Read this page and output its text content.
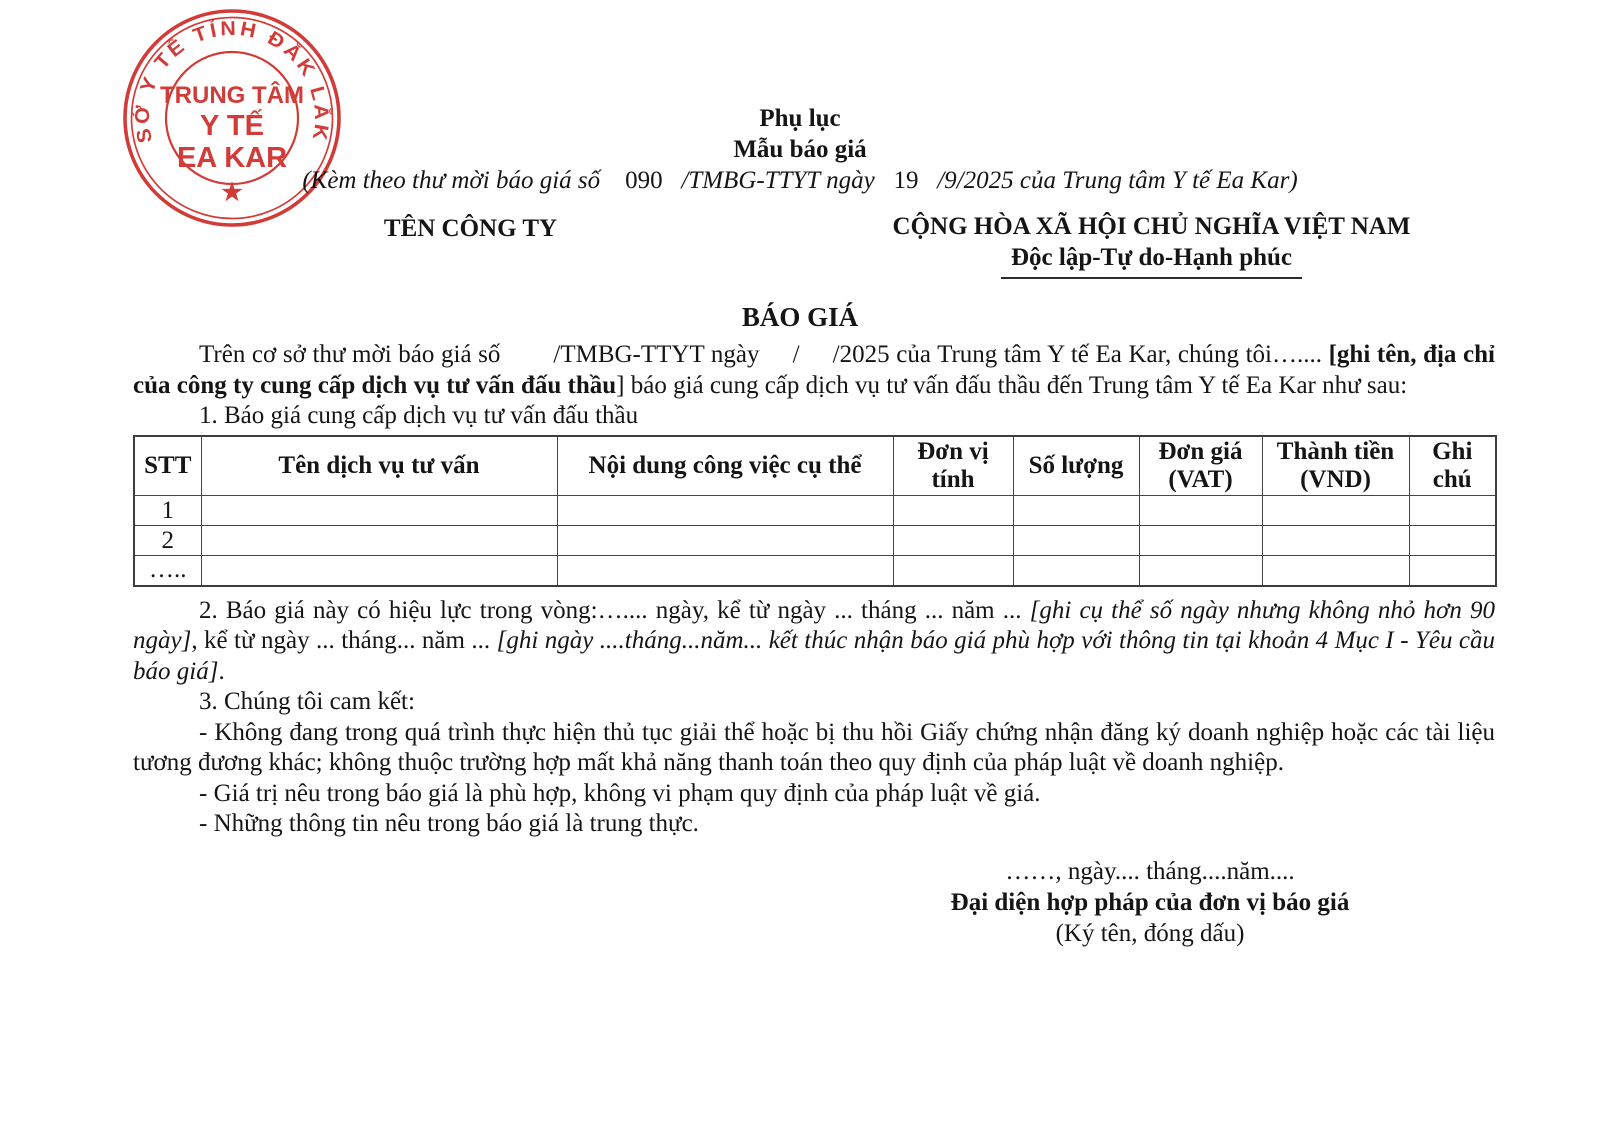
SỞ Y TẾ TỈNH ĐẮK LẮK
TRUNG TÂM
Y TẾ
EA KAR
★
Phụ lục
Mẫu báo giá
(Kèm theo thư mời báo giá số    090   /TMBG-TTYT ngày   19   /9/2025 của Trung tâm Y tế Ea Kar)
TÊN CÔNG TY	CỘNG HÒA XÃ HỘI CHỦ NGHĨA VIỆT NAM
Độc lập-Tự do-Hạnh phúc
BÁO GIÁ

Trên cơ sở thư mời báo giá số        /TMBG-TTYT ngày     /     /2025 của Trung tâm Y tế Ea Kar, chúng tôi….... [ghi tên, địa chỉ của công ty cung cấp dịch vụ tư vấn đấu thầu] báo giá cung cấp dịch vụ tư vấn đấu thầu đến Trung tâm Y tế Ea Kar như sau:

1. Báo giá cung cấp dịch vụ tư vấn đấu thầu

STT	Tên dịch vụ tư vấn	Nội dung công việc cụ thể	Đơn vị tính	Số lượng	Đơn giá (VAT)	Thành tiền (VND)	Ghi chú
1							
2							
…..							

2. Báo giá này có hiệu lực trong vòng:….... ngày, kể từ ngày ... tháng ... năm ... [ghi cụ thể số ngày nhưng không nhỏ hơn 90 ngày], kể từ ngày ... tháng... năm ... [ghi ngày ....tháng...năm... kết thúc nhận báo giá phù hợp với thông tin tại khoản 4 Mục I - Yêu cầu báo giá].

3. Chúng tôi cam kết:

- Không đang trong quá trình thực hiện thủ tục giải thể hoặc bị thu hồi Giấy chứng nhận đăng ký doanh nghiệp hoặc các tài liệu tương đương khác; không thuộc trường hợp mất khả năng thanh toán theo quy định của pháp luật về doanh nghiệp.

- Giá trị nêu trong báo giá là phù hợp, không vi phạm quy định của pháp luật về giá.

- Những thông tin nêu trong báo giá là trung thực.

……, ngày.... tháng....năm....
Đại diện hợp pháp của đơn vị báo giá
(Ký tên, đóng dấu)
